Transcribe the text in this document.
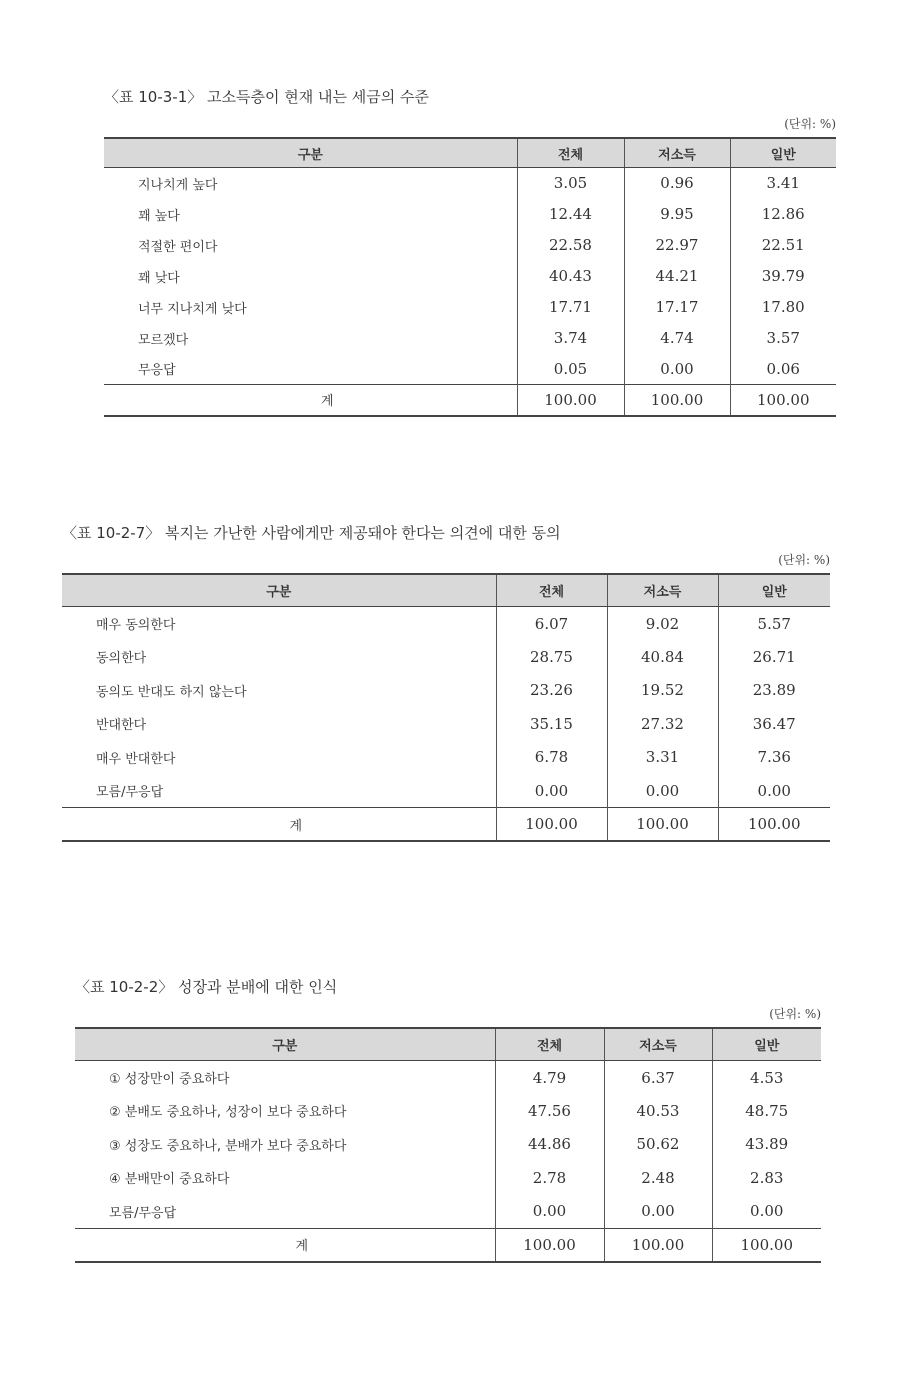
〈표 10-3-1〉 고소득층이 현재 내는 세금의 수준
(단위: %)
구분	전체	저소득	일반
지나치게 높다	3.05	0.96	3.41
꽤 높다	12.44	9.95	12.86
적절한 편이다	22.58	22.97	22.51
꽤 낮다	40.43	44.21	39.79
너무 지나치게 낮다	17.71	17.17	17.80
모르겠다	3.74	4.74	3.57
무응답	0.05	0.00	0.06
계	100.00	100.00	100.00
〈표 10-2-7〉 복지는 가난한 사람에게만 제공돼야 한다는 의견에 대한 동의
(단위: %)
구분	전체	저소득	일반
매우 동의한다	6.07	9.02	5.57
동의한다	28.75	40.84	26.71
동의도 반대도 하지 않는다	23.26	19.52	23.89
반대한다	35.15	27.32	36.47
매우 반대한다	6.78	3.31	7.36
모름/무응답	0.00	0.00	0.00
계	100.00	100.00	100.00
〈표 10-2-2〉 성장과 분배에 대한 인식
(단위: %)
구분	전체	저소득	일반
① 성장만이 중요하다	4.79	6.37	4.53
② 분배도 중요하나, 성장이 보다 중요하다	47.56	40.53	48.75
③ 성장도 중요하나, 분배가 보다 중요하다	44.86	50.62	43.89
④ 분배만이 중요하다	2.78	2.48	2.83
모름/무응답	0.00	0.00	0.00
계	100.00	100.00	100.00
